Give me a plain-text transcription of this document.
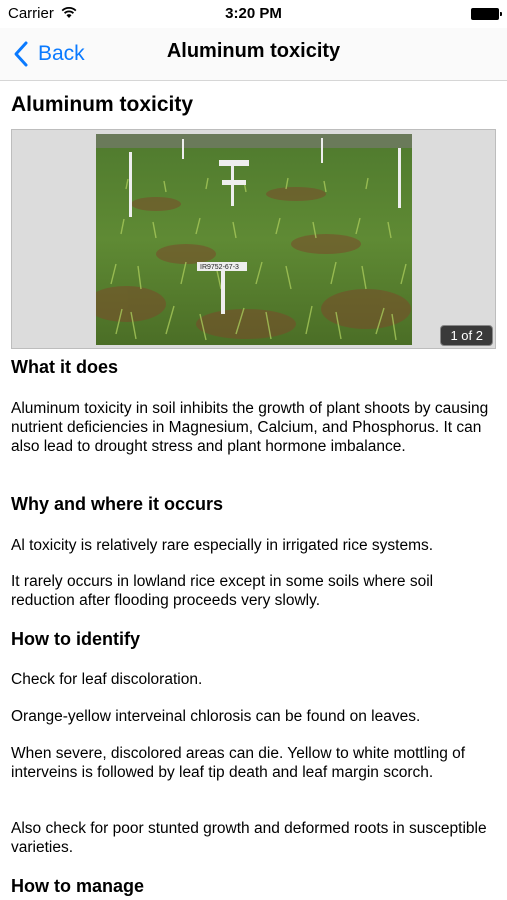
Carrier	3:20 PM
Back	Aluminum toxicity
Aluminum toxicity
IR9752-67-3
1 of 2
What it does
Aluminum toxicity in soil inhibits the growth of plant shoots by causing nutrient deficiencies in Magnesium, Calcium, and Phosphorus. It can also lead to drought stress and plant hormone imbalance.
Why and where it occurs
Al toxicity is relatively rare especially in irrigated rice systems.
It rarely occurs in lowland rice except in some soils where soil reduction after flooding proceeds very slowly.
How to identify
Check for leaf discoloration.
Orange-yellow interveinal chlorosis can be found on leaves.
When severe, discolored areas can die. Yellow to white mottling of interveins is followed by leaf tip death and leaf margin scorch.
Also check for poor stunted growth and deformed roots in susceptible varieties.
How to manage
